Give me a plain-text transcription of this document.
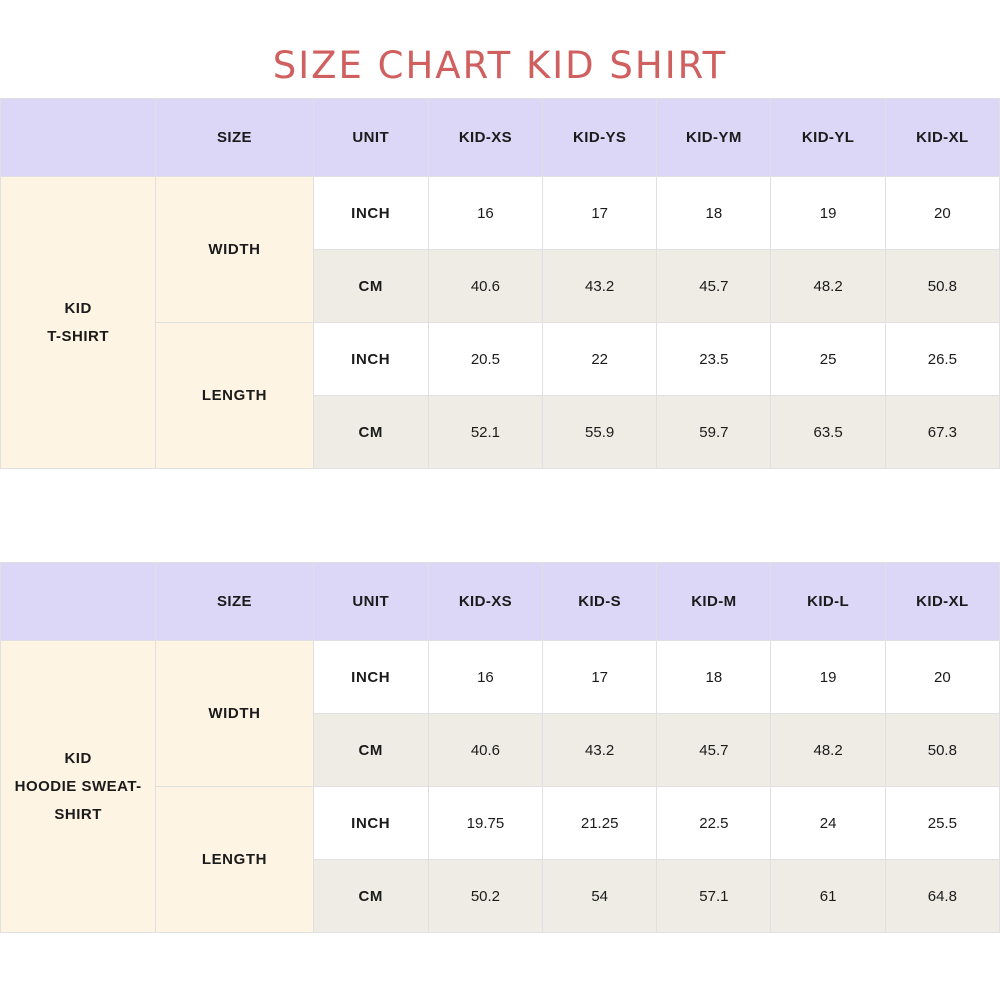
SIZE CHART KID SHIRT
	SIZE	UNIT	KID-XS	KID-YS	KID-YM	KID-YL	KID-XL

KID
T-SHIRT	WIDTH	INCH	16	17	18	19	20
		CM	40.6	43.2	45.7	48.2	50.8
	LENGTH	INCH	20.5	22	23.5	25	26.5
		CM	52.1	55.9	59.7	63.5	67.3
	SIZE	UNIT	KID-XS	KID-S	KID-M	KID-L	KID-XL

KID
HOODIE SWEAT-
SHIRT	WIDTH	INCH	16	17	18	19	20
		CM	40.6	43.2	45.7	48.2	50.8
	LENGTH	INCH	19.75	21.25	22.5	24	25.5
		CM	50.2	54	57.1	61	64.8
